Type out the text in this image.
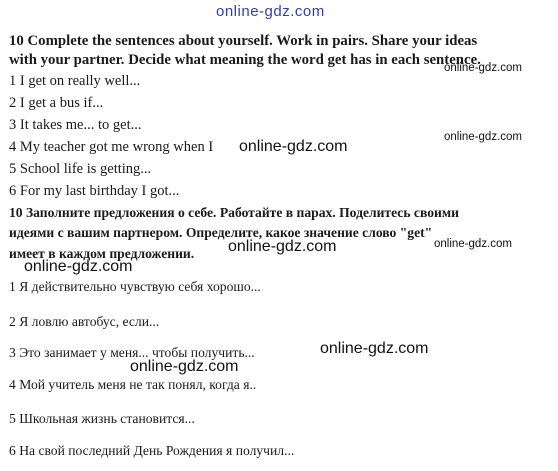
online-gdz.com
10 Complete the sentences about yourself. Work in pairs. Share your ideas
with your partner. Decide what meaning the word get has in each sentence.
1 I get on really well...
2 I get a bus if...
3 It takes me... to get...
4 My teacher got me wrong when I
5 School life is getting...
6 For my last birthday I got...
10 Заполните предложения о себе. Работайте в парах. Поделитесь своими
идеями с вашим партнером. Определите, какое значение слово "get"
имеет в каждом предложении.
1 Я действительно чувствую себя хорошо...
2 Я ловлю автобус, если...
3 Это занимает у меня... чтобы получить...
4 Мой учитель меня не так понял, когда я..
5 Школьная жизнь становится...
6 На свой последний День Рождения я получил...
online-gdz.com
online-gdz.com
online-gdz.com
online-gdz.com	online-gdz.com
online-gdz.com
online-gdz.com
online-gdz.com
